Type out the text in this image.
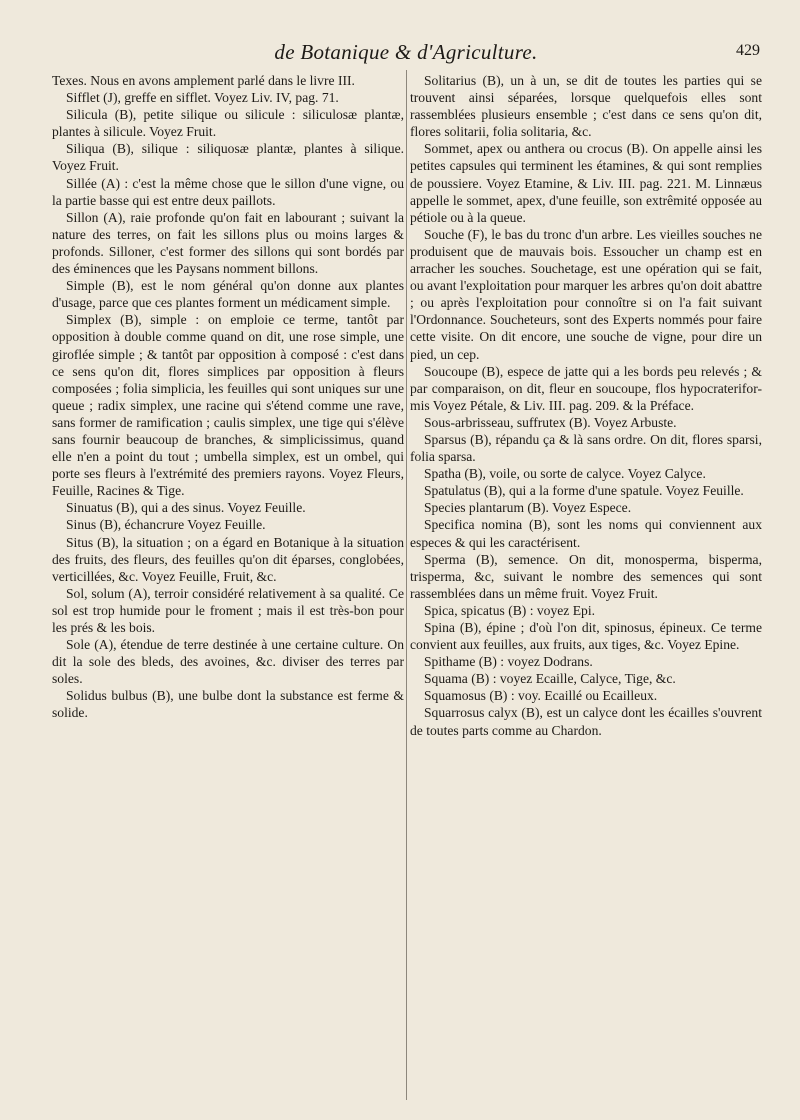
de Botanique & d'Agriculture.	429

Texes. Nous en avons amplement parlé dans le livre III.

Sifflet (J), greffe en sifflet. Voyez Liv. IV, pag. 71.

Silicula (B), petite silique ou silicule : siliculosæ plantæ, plantes à silicule. Voyez Fruit.

Siliqua (B), silique : siliquosæ plantæ, plantes à silique. Voyez Fruit.

Sillée (A) : c'est la même chose que le sillon d'une vigne, ou la partie basse qui est entre deux paillots.

Sillon (A), raie profonde qu'on fait en labourant ; suivant la nature des terres, on fait les sillons plus ou moins larges & profonds. Silloner, c'est former des sillons qui sont bordés par des éminences que les Paysans nomment billons.

Simple (B), est le nom général qu'on donne aux plantes d'usage, parce que ces plantes forment un médicament simple.

Simplex (B), simple : on emploie ce terme, tantôt par opposition à double comme quand on dit, une rose simple, une giroflée simple ; & tantôt par opposition à composé : c'est dans ce sens qu'on dit, flores simplices par opposition à fleurs composées ; folia simplicia, les feuilles qui sont uniques sur une queue ; radix simplex, une racine qui s'étend comme une rave, sans former de ramification ; caulis simplex, une tige qui s'élève sans fournir beaucoup de branches, & simplicissimus, quand elle n'en a point du tout ; umbella simplex, est un ombel, qui porte ses fleurs à l'extrémité des premiers rayons. Voyez Fleurs, Feuille, Racines & Tige.

Sinuatus (B), qui a des sinus. Voyez Feuille.

Sinus (B), échancrure Voyez Feuille.

Situs (B), la situation ; on a égard en Botanique à la situation des fruits, des fleurs, des feuilles qu'on dit éparses, conglobées, verticillées, &c. Voyez Feuille, Fruit, &c.

Sol, solum (A), terroir considéré relativement à sa qualité. Ce sol est trop humide pour le froment ; mais il est très-bon pour les prés & les bois.

Sole (A), étendue de terre destinée à une certaine culture. On dit la sole des bleds, des avoines, &c. diviser des terres par soles.

Solidus bulbus (B), une bulbe dont la substance est ferme & solide.

Solitarius (B), un à un, se dit de toutes les parties qui se trouvent ainsi séparées, lorsque quelquefois elles sont rassemblées plusieurs ensemble ; c'est dans ce sens qu'on dit, flores solitarii, folia solitaria, &c.

Sommet, apex ou anthera ou crocus (B). On appelle ainsi les petites capsules qui terminent les étamines, & qui sont remplies de poussiere. Voyez Etamine, & Liv. III. pag. 221. M. Linnæus appelle le sommet, apex, d'une feuille, son extrêmité opposée au pétiole ou à la queue.

Souche (F), le bas du tronc d'un arbre. Les vieilles souches ne produisent que de mauvais bois. Essoucher un champ est en arracher les souches. Souchetage, est une opération qui se fait, ou avant l'exploitation pour marquer les arbres qu'on doit abattre ; ou après l'exploitation pour connoître si on l'a fait suivant l'Ordonnance. Soucheteurs, sont des Experts nommés pour faire cette visite. On dit encore, une souche de vigne, pour dire un pied, un cep.

Soucoupe (B), espece de jatte qui a les bords peu relevés ; & par comparaison, on dit, fleur en soucoupe, flos hypocraterifor-mis Voyez Pétale, & Liv. III. pag. 209. & la Préface.

Sous-arbrisseau, suffrutex (B). Voyez Arbuste.

Sparsus (B), répandu ça & là sans ordre. On dit, flores sparsi, folia sparsa.

Spatha (B), voile, ou sorte de calyce. Voyez Calyce.

Spatulatus (B), qui a la forme d'une spatule. Voyez Feuille.

Species plantarum (B). Voyez Espece.

Specifica nomina (B), sont les noms qui conviennent aux especes & qui les caractérisent.

Sperma (B), semence. On dit, monosperma, bisperma, trisperma, &c, suivant le nombre des semences qui sont rassemblées dans un même fruit. Voyez Fruit.

Spica, spicatus (B) : voyez Epi.

Spina (B), épine ; d'où l'on dit, spinosus, épineux. Ce terme convient aux feuilles, aux fruits, aux tiges, &c. Voyez Epine.

Spithame (B) : voyez Dodrans.

Squama (B) : voyez Ecaille, Calyce, Tige, &c.

Squamosus (B) : voy. Ecaillé ou Ecailleux.

Squarrosus calyx (B), est un calyce dont les écailles s'ouvrent de toutes parts comme au Chardon.
